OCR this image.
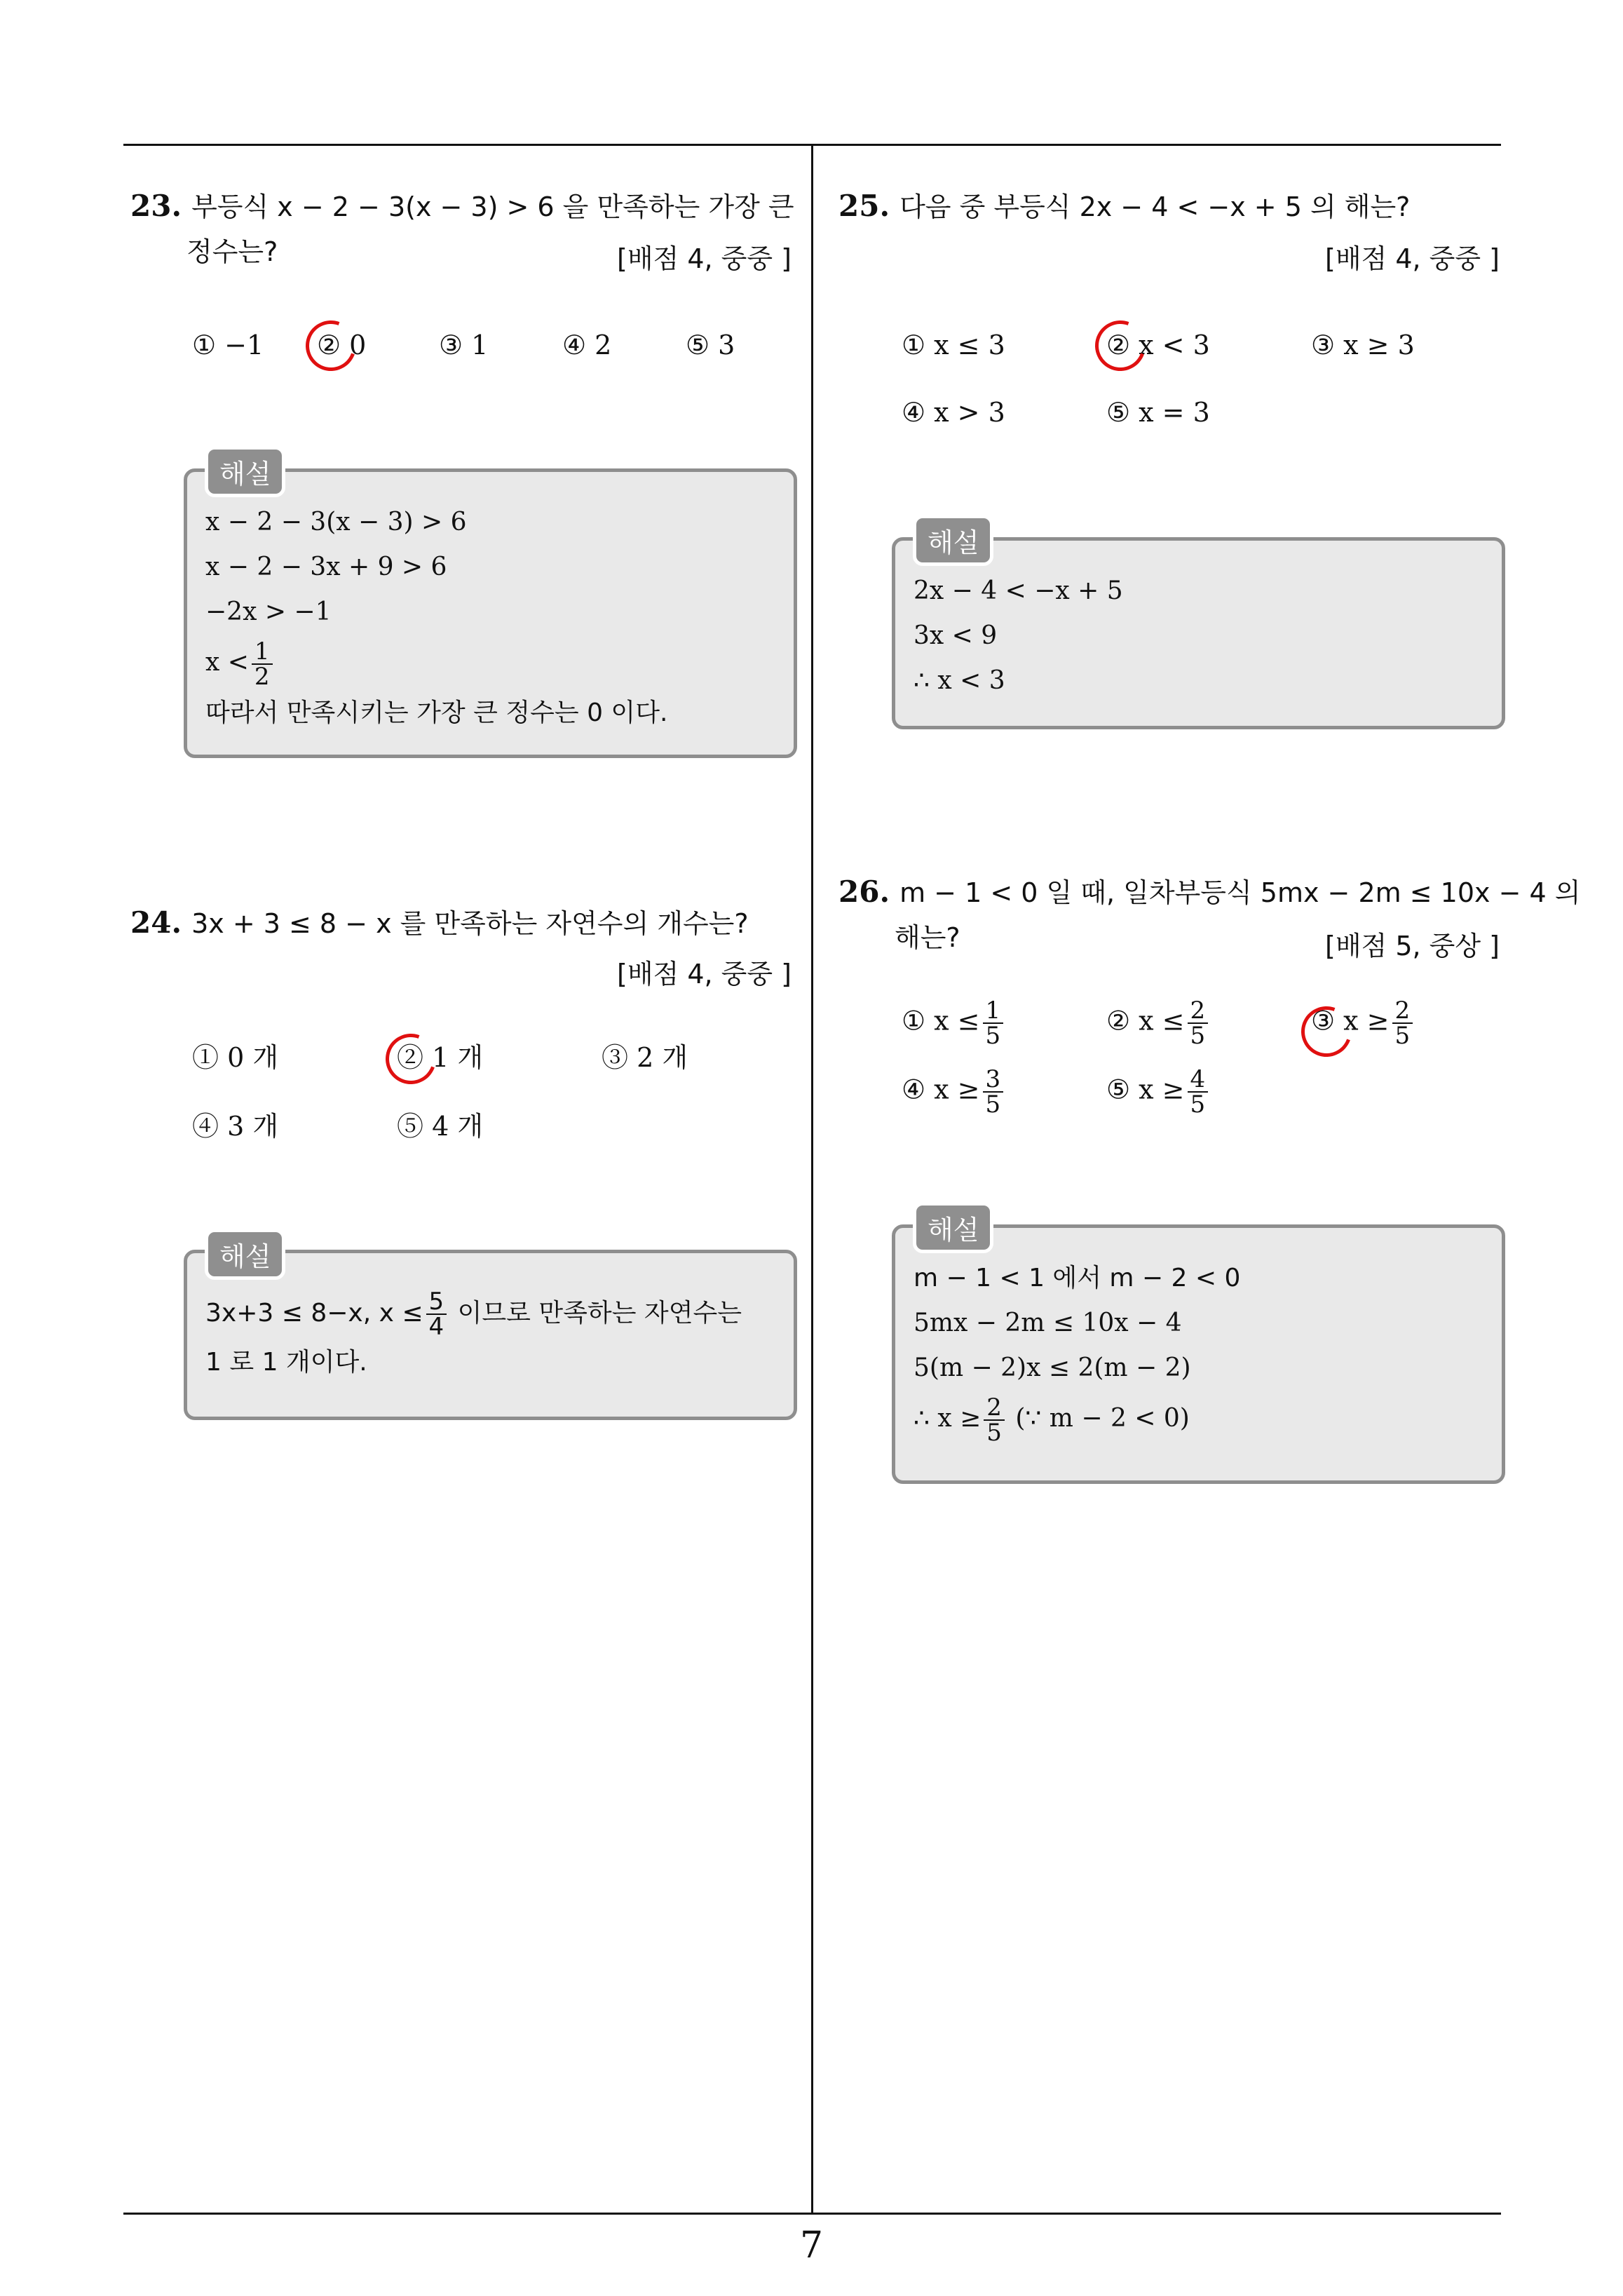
23. 부등식 x − 2 − 3(x − 3) > 6 을 만족하는 가장 큰
정수는?	[배점 4, 중중 ]
① −1 ② 0	③ 1	④ 2	⑤ 3
x − 2 − 3(x − 3) > 6
x − 2 − 3x + 9 > 6
−2x > −1
$x < \frac{1}{2}$
따라서 만족시키는 가장 큰 정수는 0 이다.
해설
24. 3x + 3 ≤ 8 − x 를 만족하는 자연수의 개수는?
[배점 4, 중중 ]
① 0 개	② 1 개	③ 2 개
④ 3 개	⑤ 4 개
3x+3 ≤ 8−x, $x \le \frac{5}{4}$ 이므로 만족하는 자연수는
1 로 1 개이다.
해설
25. 다음 중 부등식 2x − 4 < −x + 5 의 해는?
[배점 4, 중중 ]
① x ≤ 3	② x < 3	③ x ≥ 3
④ x > 3	⑤ x = 3
2x − 4 < −x + 5
3x < 9
∴ x < 3
해설
26. m − 1 < 0 일 때, 일차부등식 5mx − 2m ≤ 10x − 4 의
해는?	[배점 5, 중상 ]
① $x \le \frac{1}{5}$	② $x \le \frac{2}{5}$	③ $x \ge \frac{2}{5}$
④ $x \ge \frac{3}{5}$	⑤ $x \ge \frac{4}{5}$
m − 1 < 1 에서 m − 2 < 0
5mx − 2m ≤ 10x − 4
5(m − 2)x ≤ 2(m − 2)
∴ $x \ge \frac{2}{5}$ (∵ m − 2 < 0)
해설
7
